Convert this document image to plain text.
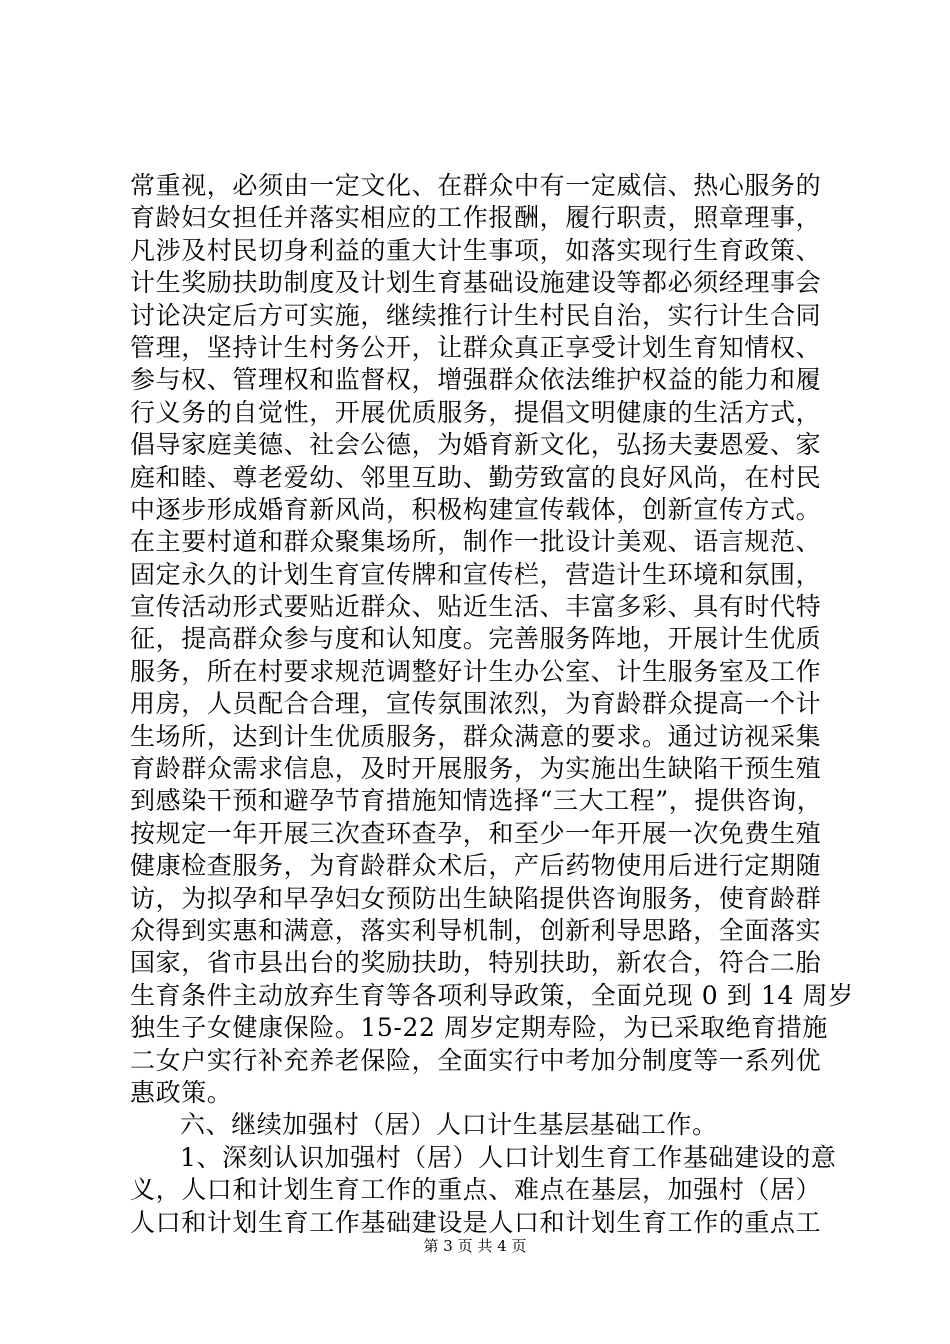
常重视，必须由一定文化、在群众中有一定威信、热心服务的
育龄妇女担任并落实相应的工作报酬，履行职责，照章理事，
凡涉及村民切身利益的重大计生事项，如落实现行生育政策、
计生奖励扶助制度及计划生育基础设施建设等都必须经理事会
讨论决定后方可实施，继续推行计生村民自治，实行计生合同
管理，坚持计生村务公开，让群众真正享受计划生育知情权、
参与权、管理权和监督权，增强群众依法维护权益的能力和履
行义务的自觉性，开展优质服务，提倡文明健康的生活方式，
倡导家庭美德、社会公德，为婚育新文化，弘扬夫妻恩爱、家
庭和睦、尊老爱幼、邻里互助、勤劳致富的良好风尚，在村民
中逐步形成婚育新风尚，积极构建宣传载体，创新宣传方式。
在主要村道和群众聚集场所，制作一批设计美观、语言规范、
固定永久的计划生育宣传牌和宣传栏，营造计生环境和氛围，
宣传活动形式要贴近群众、贴近生活、丰富多彩、具有时代特
征，提高群众参与度和认知度。完善服务阵地，开展计生优质
服务，所在村要求规范调整好计生办公室、计生服务室及工作
用房，人员配合合理，宣传氛围浓烈，为育龄群众提高一个计
生场所，达到计生优质服务，群众满意的要求。通过访视采集
育龄群众需求信息，及时开展服务，为实施出生缺陷干预生殖
到感染干预和避孕节育措施知情选择“三大工程”，提供咨询，
按规定一年开展三次查环查孕，和至少一年开展一次免费生殖
健康检查服务，为育龄群众术后，产后药物使用后进行定期随
访，为拟孕和早孕妇女预防出生缺陷提供咨询服务，使育龄群
众得到实惠和满意，落实利导机制，创新利导思路，全面落实
国家，省市县出台的奖励扶助，特别扶助，新农合，符合二胎
生育条件主动放弃生育等各项利导政策，全面兑现 0 到 14 周岁
独生子女健康保险。15-22 周岁定期寿险，为已采取绝育措施
二女户实行补充养老保险，全面实行中考加分制度等一系列优
惠政策。
六、继续加强村（居）人口计生基层基础工作。
1、深刻认识加强村（居）人口计划生育工作基础建设的意
义，人口和计划生育工作的重点、难点在基层，加强村（居）
人口和计划生育工作基础建设是人口和计划生育工作的重点工
第 3 页 共 4 页
